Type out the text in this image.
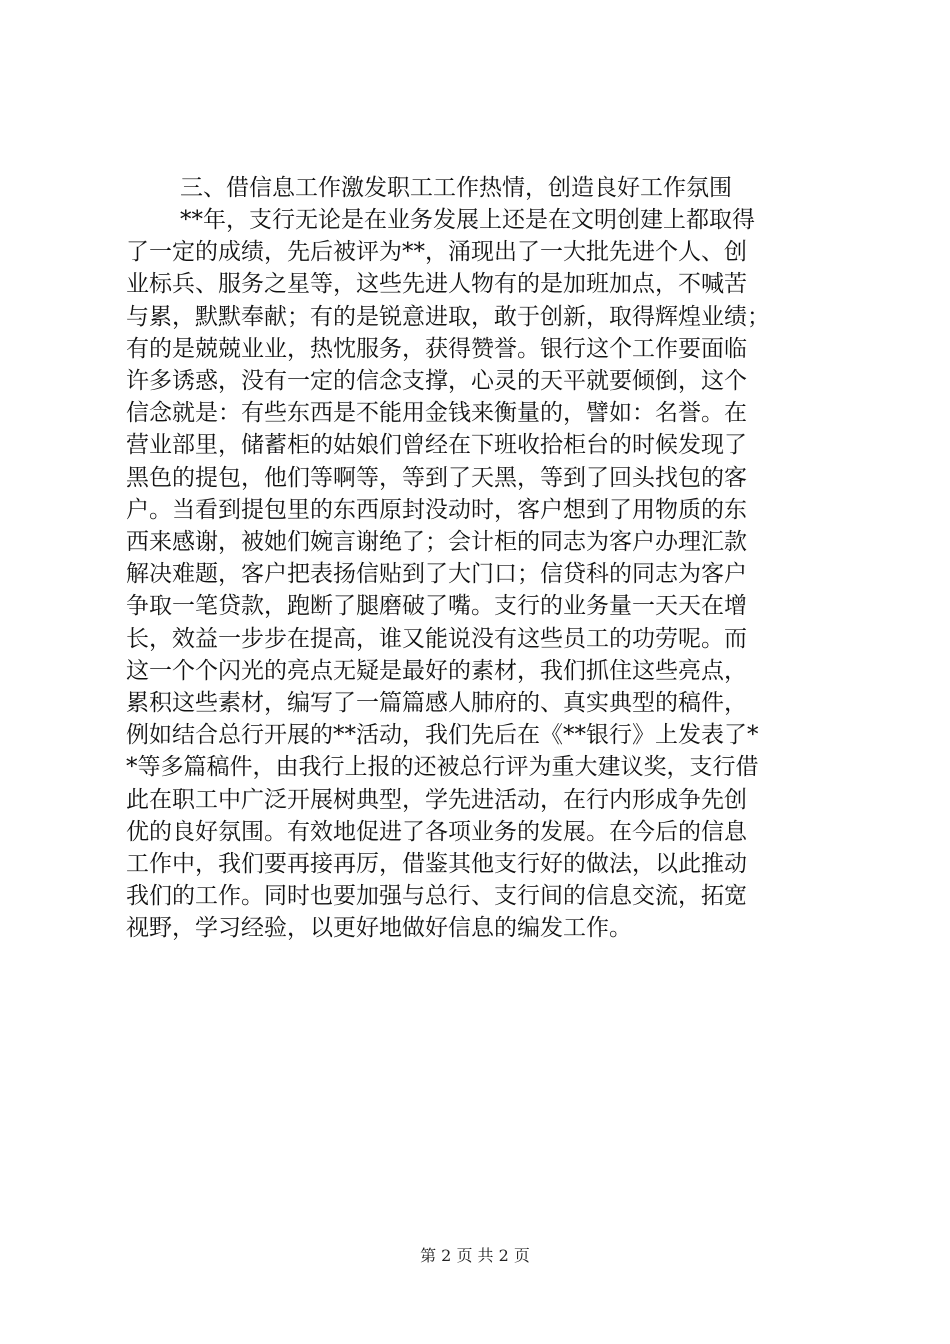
三、借信息工作激发职工工作热情，创造良好工作氛围
**年，支行无论是在业务发展上还是在文明创建上都取得
了一定的成绩，先后被评为**，涌现出了一大批先进个人、创
业标兵、服务之星等，这些先进人物有的是加班加点，不喊苦
与累，默默奉献；有的是锐意进取，敢于创新，取得辉煌业绩；
有的是兢兢业业，热忱服务，获得赞誉。银行这个工作要面临
许多诱惑，没有一定的信念支撑，心灵的天平就要倾倒，这个
信念就是：有些东西是不能用金钱来衡量的，譬如：名誉。在
营业部里，储蓄柜的姑娘们曾经在下班收拾柜台的时候发现了
黑色的提包，他们等啊等，等到了天黑，等到了回头找包的客
户。当看到提包里的东西原封没动时，客户想到了用物质的东
西来感谢，被她们婉言谢绝了；会计柜的同志为客户办理汇款
解决难题，客户把表扬信贴到了大门口；信贷科的同志为客户
争取一笔贷款，跑断了腿磨破了嘴。支行的业务量一天天在增
长，效益一步步在提高，谁又能说没有这些员工的功劳呢。而
这一个个闪光的亮点无疑是最好的素材，我们抓住这些亮点，
累积这些素材，编写了一篇篇感人肺府的、真实典型的稿件，
例如结合总行开展的**活动，我们先后在《**银行》上发表了*
*等多篇稿件，由我行上报的还被总行评为重大建议奖，支行借
此在职工中广泛开展树典型，学先进活动，在行内形成争先创
优的良好氛围。有效地促进了各项业务的发展。在今后的信息
工作中，我们要再接再厉，借鉴其他支行好的做法，以此推动
我们的工作。同时也要加强与总行、支行间的信息交流，拓宽
视野，学习经验，以更好地做好信息的编发工作。
第 2 页 共 2 页
